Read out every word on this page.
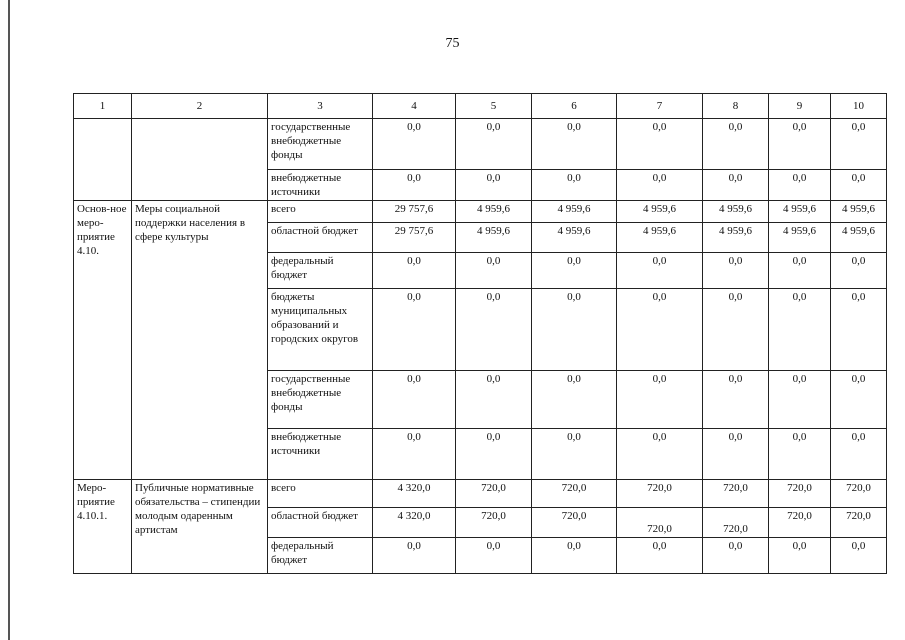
75
1	2	3	4	5	6	7	8	9	10
		государственные внебюджетные фонды	0,0	0,0	0,0	0,0	0,0	0,0	0,0
		внебюджетные источники	0,0	0,0	0,0	0,0	0,0	0,0	0,0
Основ-ное меро-приятие 4.10.	Меры социальной поддержки населения в сфере культуры	всего	29 757,6	4 959,6	4 959,6	4 959,6	4 959,6	4 959,6	4 959,6
		областной бюджет	29 757,6	4 959,6	4 959,6	4 959,6	4 959,6	4 959,6	4 959,6
		федеральный бюджет	0,0	0,0	0,0	0,0	0,0	0,0	0,0
		бюджеты муниципальных образований и городских округов	0,0	0,0	0,0	0,0	0,0	0,0	0,0
		государственные внебюджетные фонды	0,0	0,0	0,0	0,0	0,0	0,0	0,0
		внебюджетные источники	0,0	0,0	0,0	0,0	0,0	0,0	0,0
Меро-приятие 4.10.1.	Публичные нормативные обязательства – стипендии молодым одаренным артистам	всего	4 320,0	720,0	720,0	720,0	720,0	720,0	720,0
		областной бюджет	4 320,0	720,0	720,0	720,0	720,0	720,0	720,0
		федеральный бюджет	0,0	0,0	0,0	0,0	0,0	0,0	0,0
